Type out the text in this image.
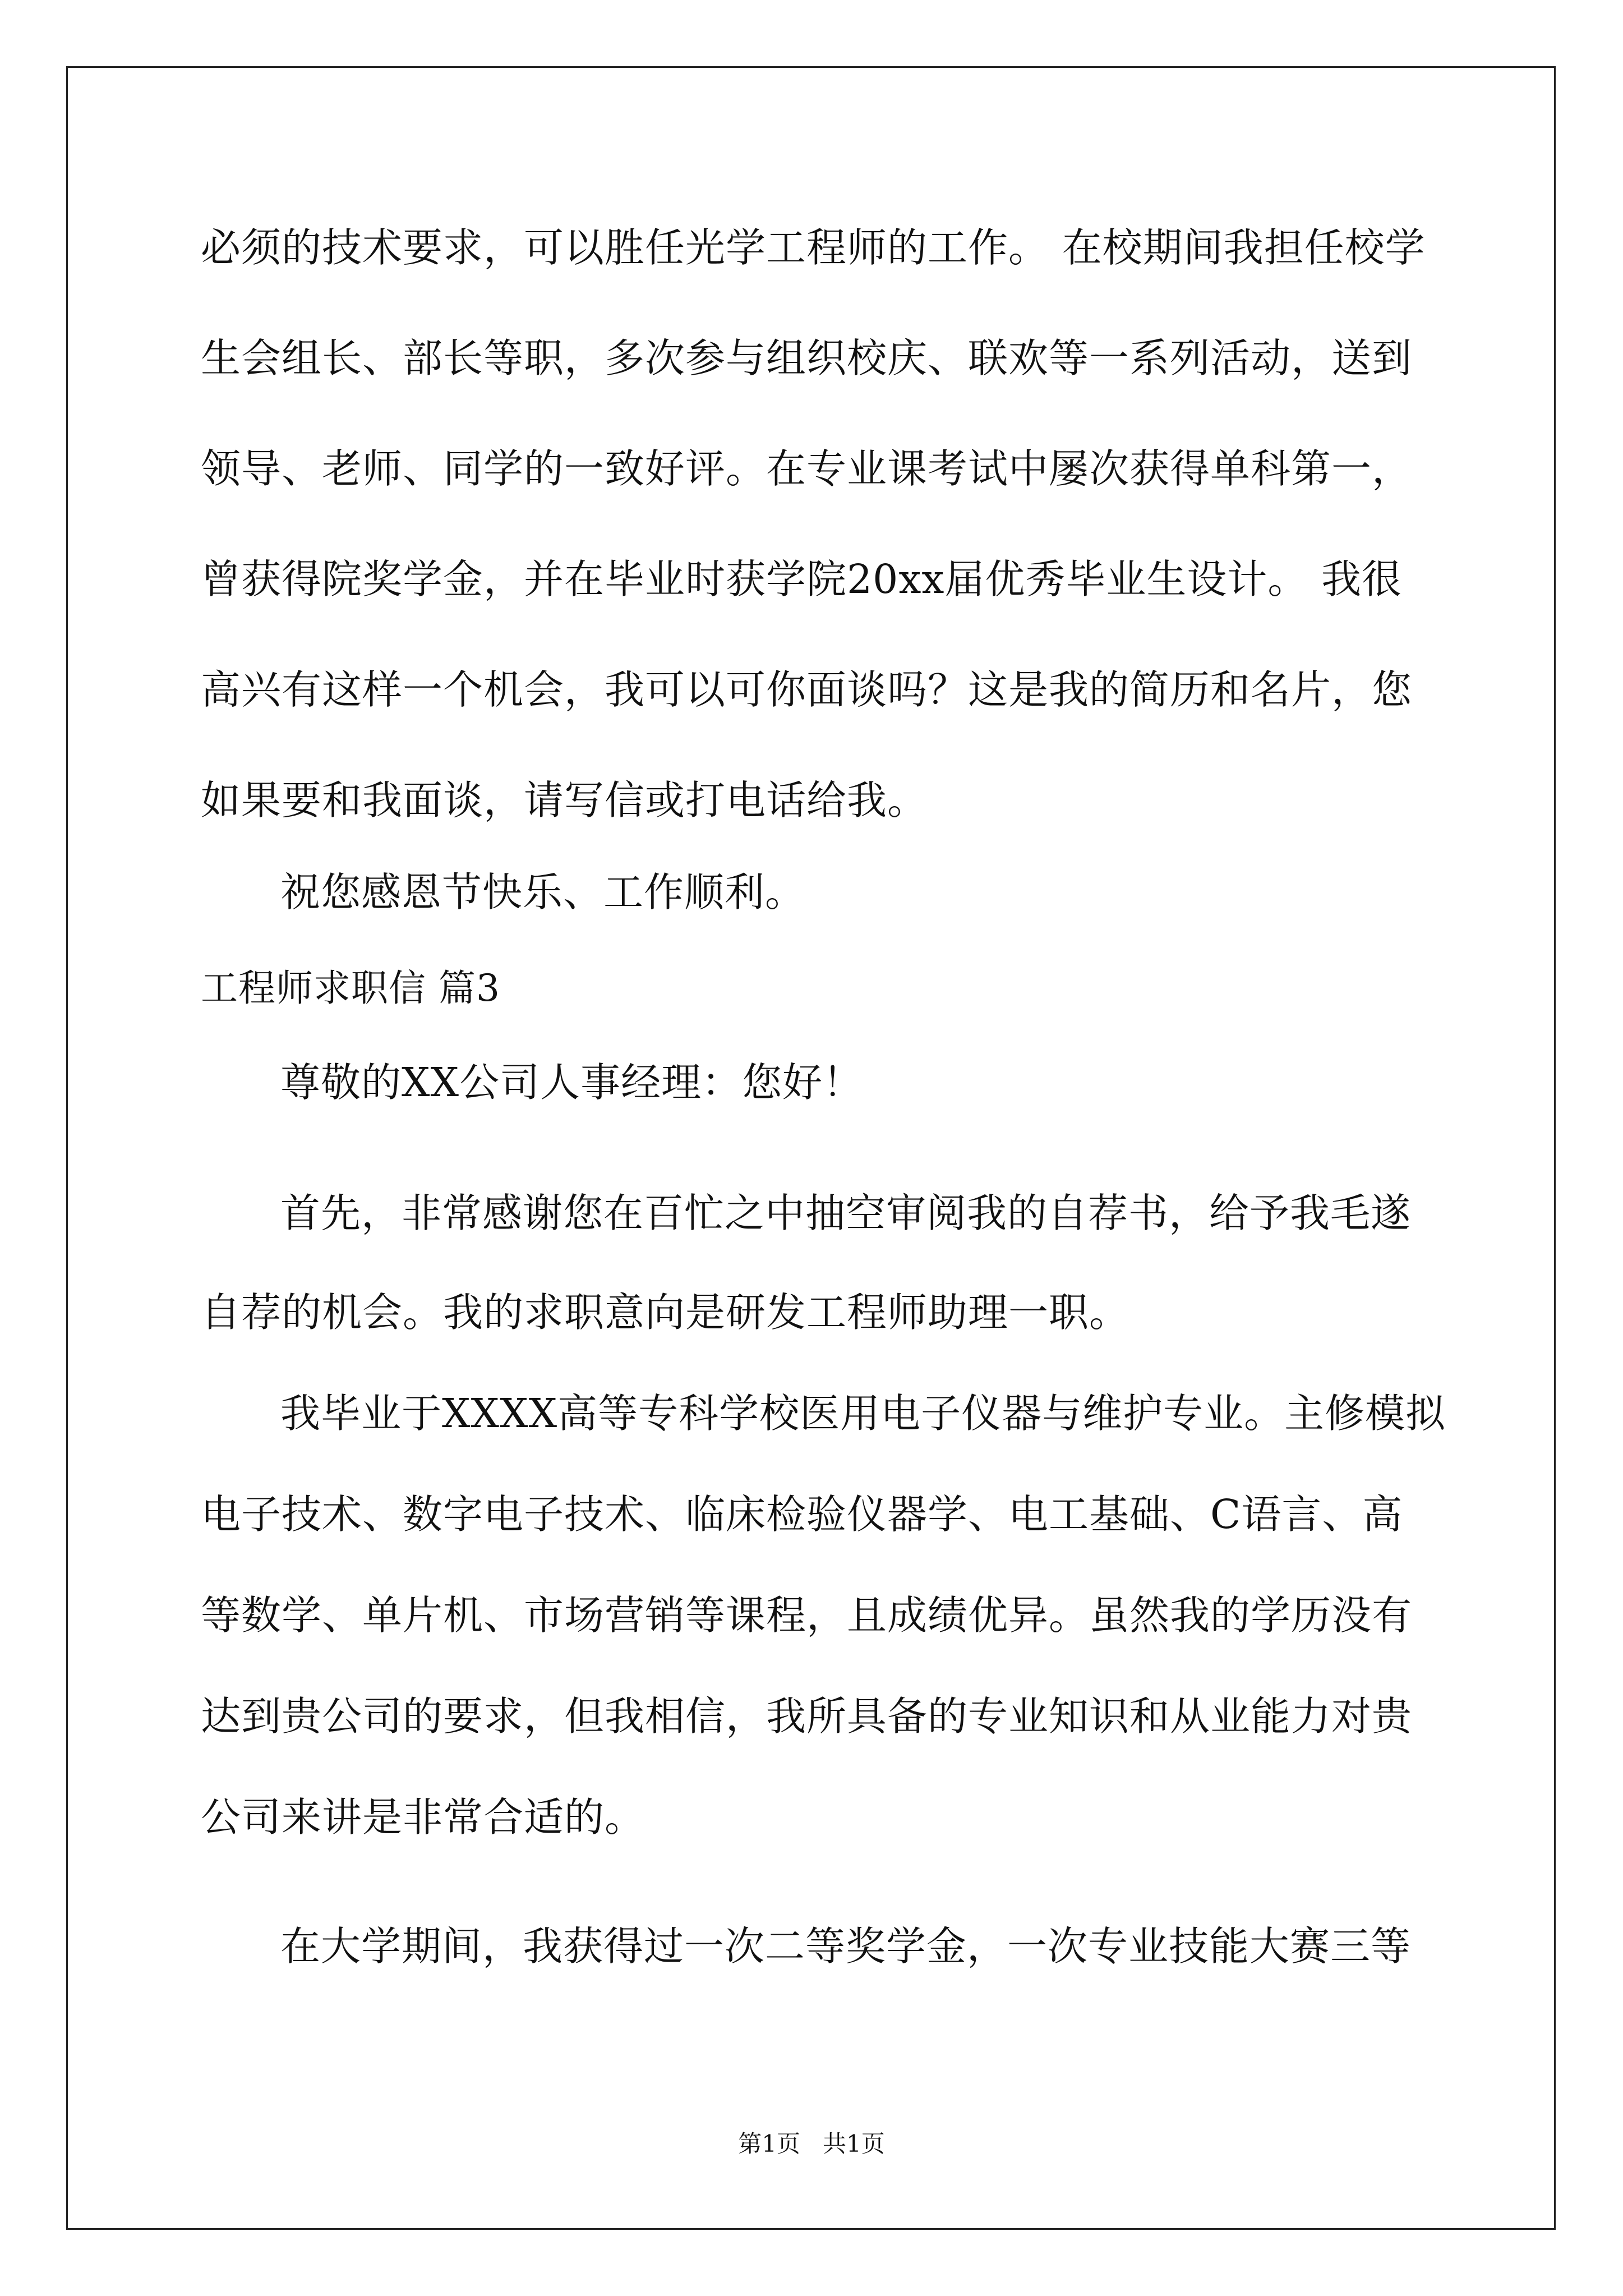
必须的技术要求，可以胜任光学工程师的工作。 在校期间我担任校学
生会组长、部长等职，多次参与组织校庆、联欢等一系列活动，送到
领导、老师、同学的一致好评。在专业课考试中屡次获得单科第一，
曾获得院奖学金，并在毕业时获学院20xx届优秀毕业生设计。 我很
高兴有这样一个机会，我可以可你面谈吗？这是我的简历和名片，您
如果要和我面谈，请写信或打电话给我。
祝您感恩节快乐、工作顺利。
工程师求职信 篇3
尊敬的XX公司人事经理：您好！
首先，非常感谢您在百忙之中抽空审阅我的自荐书，给予我毛遂
自荐的机会。我的求职意向是研发工程师助理一职。
我毕业于XXXX高等专科学校医用电子仪器与维护专业。主修模拟
电子技术、数字电子技术、临床检验仪器学、电工基础、C语言、高
等数学、单片机、市场营销等课程，且成绩优异。虽然我的学历没有
达到贵公司的要求，但我相信，我所具备的专业知识和从业能力对贵
公司来讲是非常合适的。
在大学期间，我获得过一次二等奖学金，一次专业技能大赛三等
第1页   共1页
